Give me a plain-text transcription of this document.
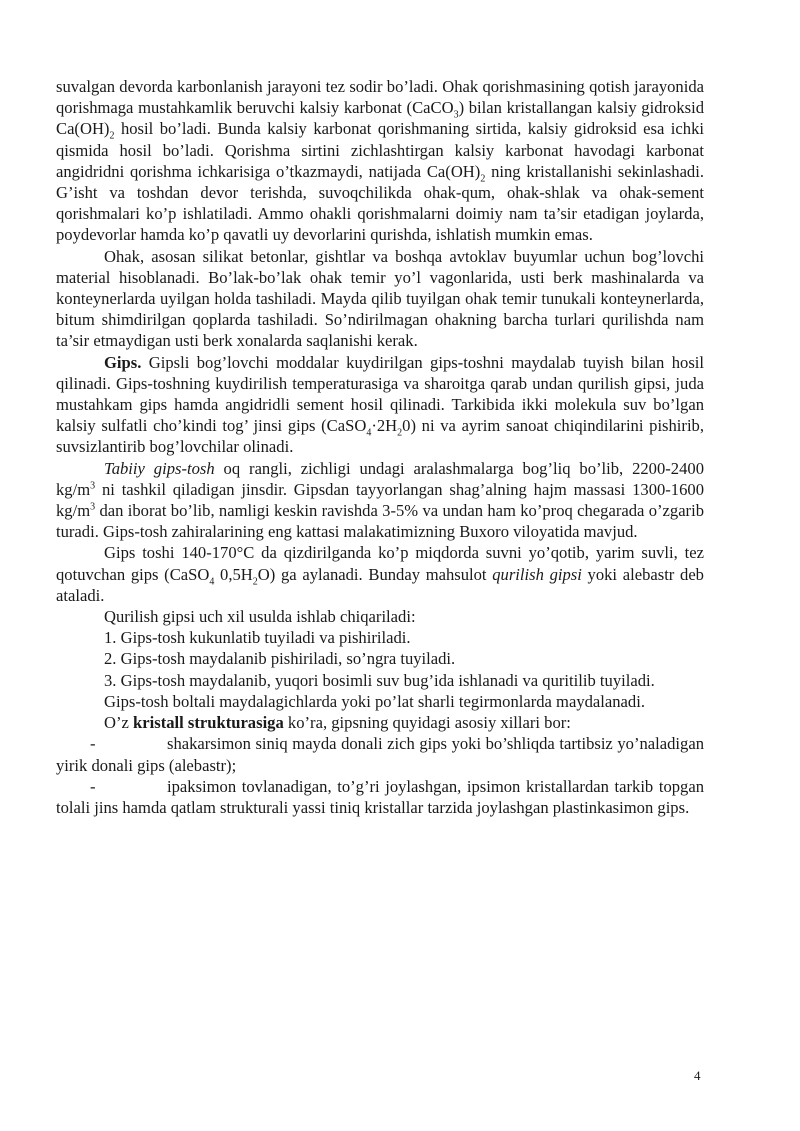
suvalgan devorda karbonlanish jarayoni tez sodir bo’ladi. Ohak qorishmasining qotish jarayonida qorishmaga mustahkamlik beruvchi kalsiy karbonat (CaCO$_3$) bilan kristallangan kalsiy gidroksid $Ca(OH)_2$ hosil bo’ladi. Bunda kalsiy karbonat qorishmaning sirtida, kalsiy gidroksid esa ichki qismida hosil bo’ladi. Qorishma sirtini zichlashtirgan kalsiy karbonat havodagi karbonat angidridni qorishma ichkarisiga o’tkazmaydi, natijada $Ca(OH)_2$ ning kristallanishi sekinlashadi. G’isht va toshdan devor terishda, suvoqchilikda ohak-qum, ohak-shlak va ohak-sement qorishmalari ko’p ishlatiladi. Ammo ohakli qorishmalarni doimiy nam ta’sir etadigan joylarda, poydevorlar hamda ko’p qavatli uy devorlarini qurishda, ishlatish mumkin emas.

Ohak, asosan silikat betonlar, gishtlar va boshqa avtoklav buyumlar uchun bog’lovchi material hisoblanadi. Bo’lak-bo’lak ohak temir yo’l vagonlarida, usti berk mashinalarda va konteynerlarda uyilgan holda tashiladi. Mayda qilib tuyilgan ohak temir tunukali konteynerlarda, bitum shimdirilgan qoplarda tashiladi. So’ndirilmagan ohakning barcha turlari qurilishda nam ta’sir etmaydigan usti berk xonalarda saqlanishi kerak.

Gips. Gipsli bog’lovchi moddalar kuydirilgan gips-toshni maydalab tuyish bilan hosil qilinadi. Gips-toshning kuydirilish temperaturasiga va sharoitga qarab undan qurilish gipsi, juda mustahkam gips hamda angidridli sement hosil qilinadi. Tarkibida ikki molekula suv bo’lgan kalsiy sulfatli cho’kindi tog’ jinsi gips $(CaSO_4\cdot 2H_20)$ ni va ayrim sanoat chiqindilarini pishirib, suvsizlantirib bog’lovchilar olinadi.

Tabiiy gips-tosh oq rangli, zichligi undagi aralashmalarga bog’liq bo’lib, 2200-2400 $kg/m^3$ ni tashkil qiladigan jinsdir. Gipsdan tayyorlangan shag’alning hajm massasi 1300-1600 $kg/m^3$ dan iborat bo’lib, namligi keskin ravishda 3-5% va undan ham ko’proq chegarada o’zgarib turadi. Gips-tosh zahiralarining eng kattasi malakatimizning Buxoro viloyatida mavjud.

Gips toshi 140-170°C da qizdirilganda ko’p miqdorda suvni yo’qotib, yarim suvli, tez qotuvchan gips (CaSO$_4$ $0,5H_2O$) ga aylanadi. Bunday mahsulot qurilish gipsi yoki alebastr deb ataladi.

Qurilish gipsi uch xil usulda ishlab chiqariladi:

1. Gips-tosh kukunlatib tuyiladi va pishiriladi.

2. Gips-tosh maydalanib pishiriladi, so’ngra tuyiladi.

3. Gips-tosh maydalanib, yuqori bosimli suv bug’ida ishlanadi va quritilib tuyiladi.

Gips-tosh boltali maydalagichlarda yoki po’lat sharli tegirmonlarda maydalanadi.

O’z kristall strukturasiga ko’ra, gipsning quyidagi asosiy xillari bor:

-	shakarsimon siniq mayda donali zich gips yoki bo’shliqda tartibsiz yo’naladigan yirik donali gips (alebastr);

-	ipaksimon tovlanadigan, to’g’ri joylashgan, ipsimon kristallardan tarkib topgan tolali jins hamda qatlam strukturali yassi tiniq kristallar tarzida joylashgan plastinkasimon gips.

4
